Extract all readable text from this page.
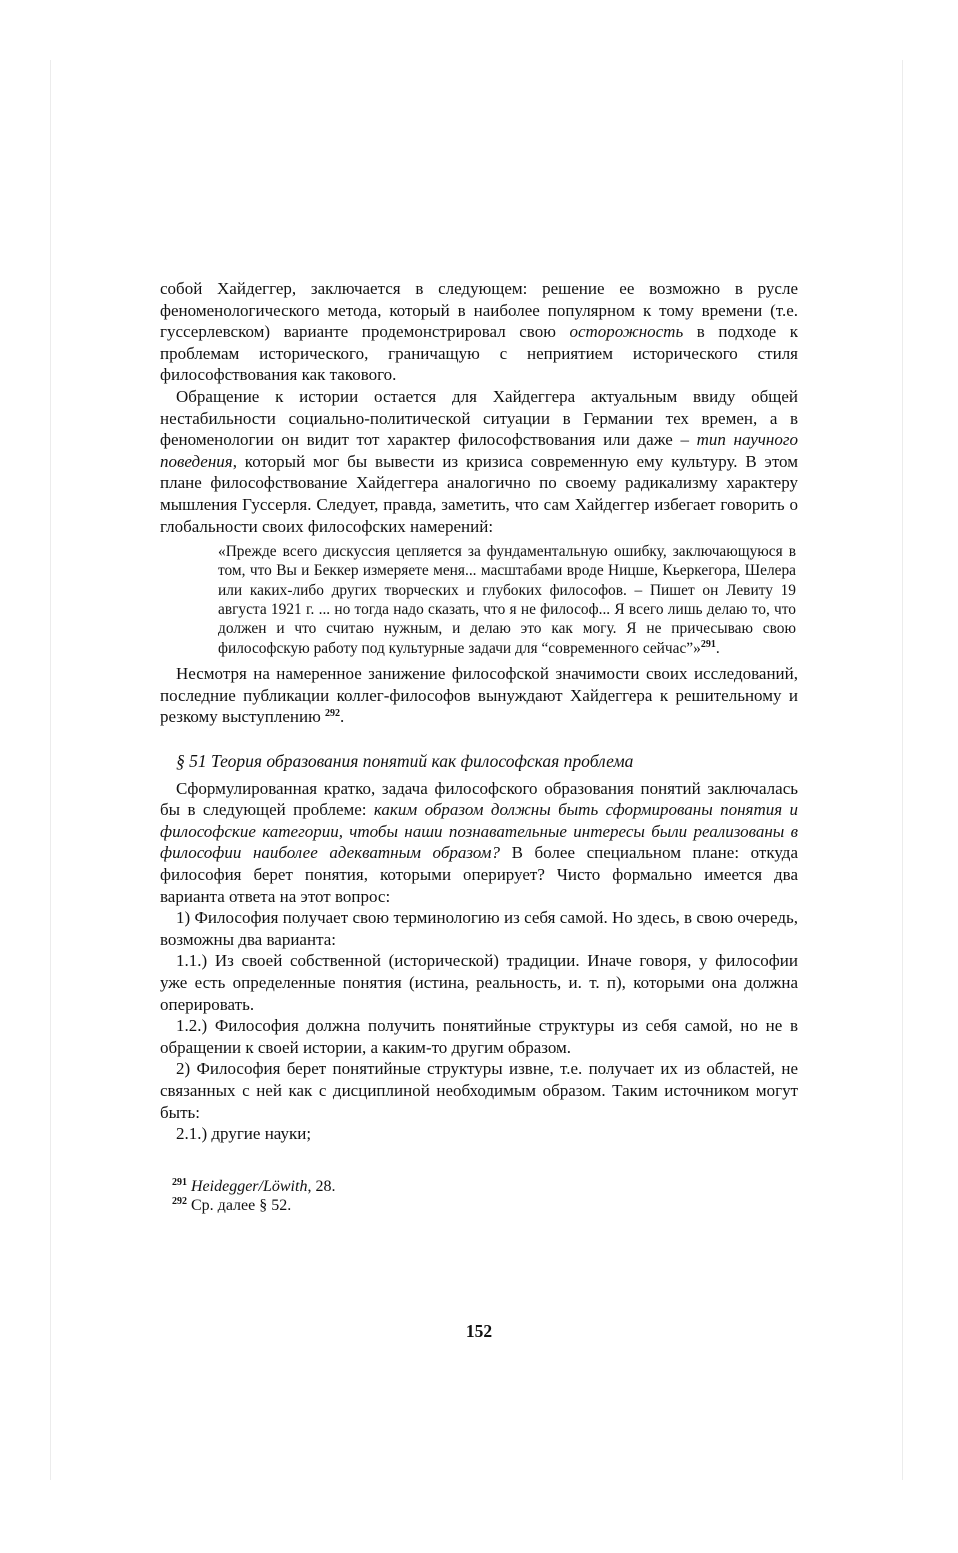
собой Хайдеггер, заключается в следующем: решение ее возможно в русле феноменологического метода, который в наиболее популярном к тому времени (т.е. гуссерлевском) варианте продемонстрировал свою осторожность в подходе к проблемам исторического, граничащую с неприятием исторического стиля философствования как такового.

Обращение к истории остается для Хайдеггера актуальным ввиду общей нестабильности социально-политической ситуации в Германии тех времен, а в феноменологии он видит тот характер философствования или даже – тип научного поведения, который мог бы вывести из кризиса современную ему культуру. В этом плане философствование Хайдеггера аналогично по своему радикализму характеру мышления Гуссерля. Следует, правда, заметить, что сам Хайдеггер избегает говорить о глобальности своих философских намерений:

«Прежде всего дискуссия цепляется за фундаментальную ошибку, заключающуюся в том, что Вы и Беккер измеряете меня... масштабами вроде Ницше, Кьеркегора, Шелера или каких-либо других творческих и глубоких философов. – Пишет он Левиту 19 августа 1921 г. ... но тогда надо сказать, что я не философ... Я всего лишь делаю то, что должен и что считаю нужным, и делаю это как могу. Я не причесываю свою философскую работу под культурные задачи для “современного сейчас”»$^{291}$.

Несмотря на намеренное занижение философской значимости своих исследований, последние публикации коллег-философов вынуждают Хайдеггера к решительному и резкому выступлению $^{292}$.

§ 51 Теория образования понятий как философская проблема

Сформулированная кратко, задача философского образования понятий заключалась бы в следующей проблеме: каким образом должны быть сформированы понятия и философские категории, чтобы наши познавательные интересы были реализованы в философии наиболее адекватным образом? В более специальном плане: откуда философия берет понятия, которыми оперирует? Чисто формально имеется два варианта ответа на этот вопрос:

1) Философия получает свою терминологию из себя самой. Но здесь, в свою очередь, возможны два варианта:

1.1.) Из своей собственной (исторической) традиции. Иначе говоря, у философии уже есть определенные понятия (истина, реальность, и. т. п), которыми она должна оперировать.

1.2.) Философия должна получить понятийные структуры из себя самой, но не в обращении к своей истории, а каким-то другим образом.

2) Философия берет понятийные структуры извне, т.е. получает их из областей, не связанных с ней как с дисциплиной необходимым образом. Таким источником могут быть:

2.1.) другие науки;

$^{291}$ Heidegger/Löwith, 28.

$^{292}$ Ср. далее § 52.

152
